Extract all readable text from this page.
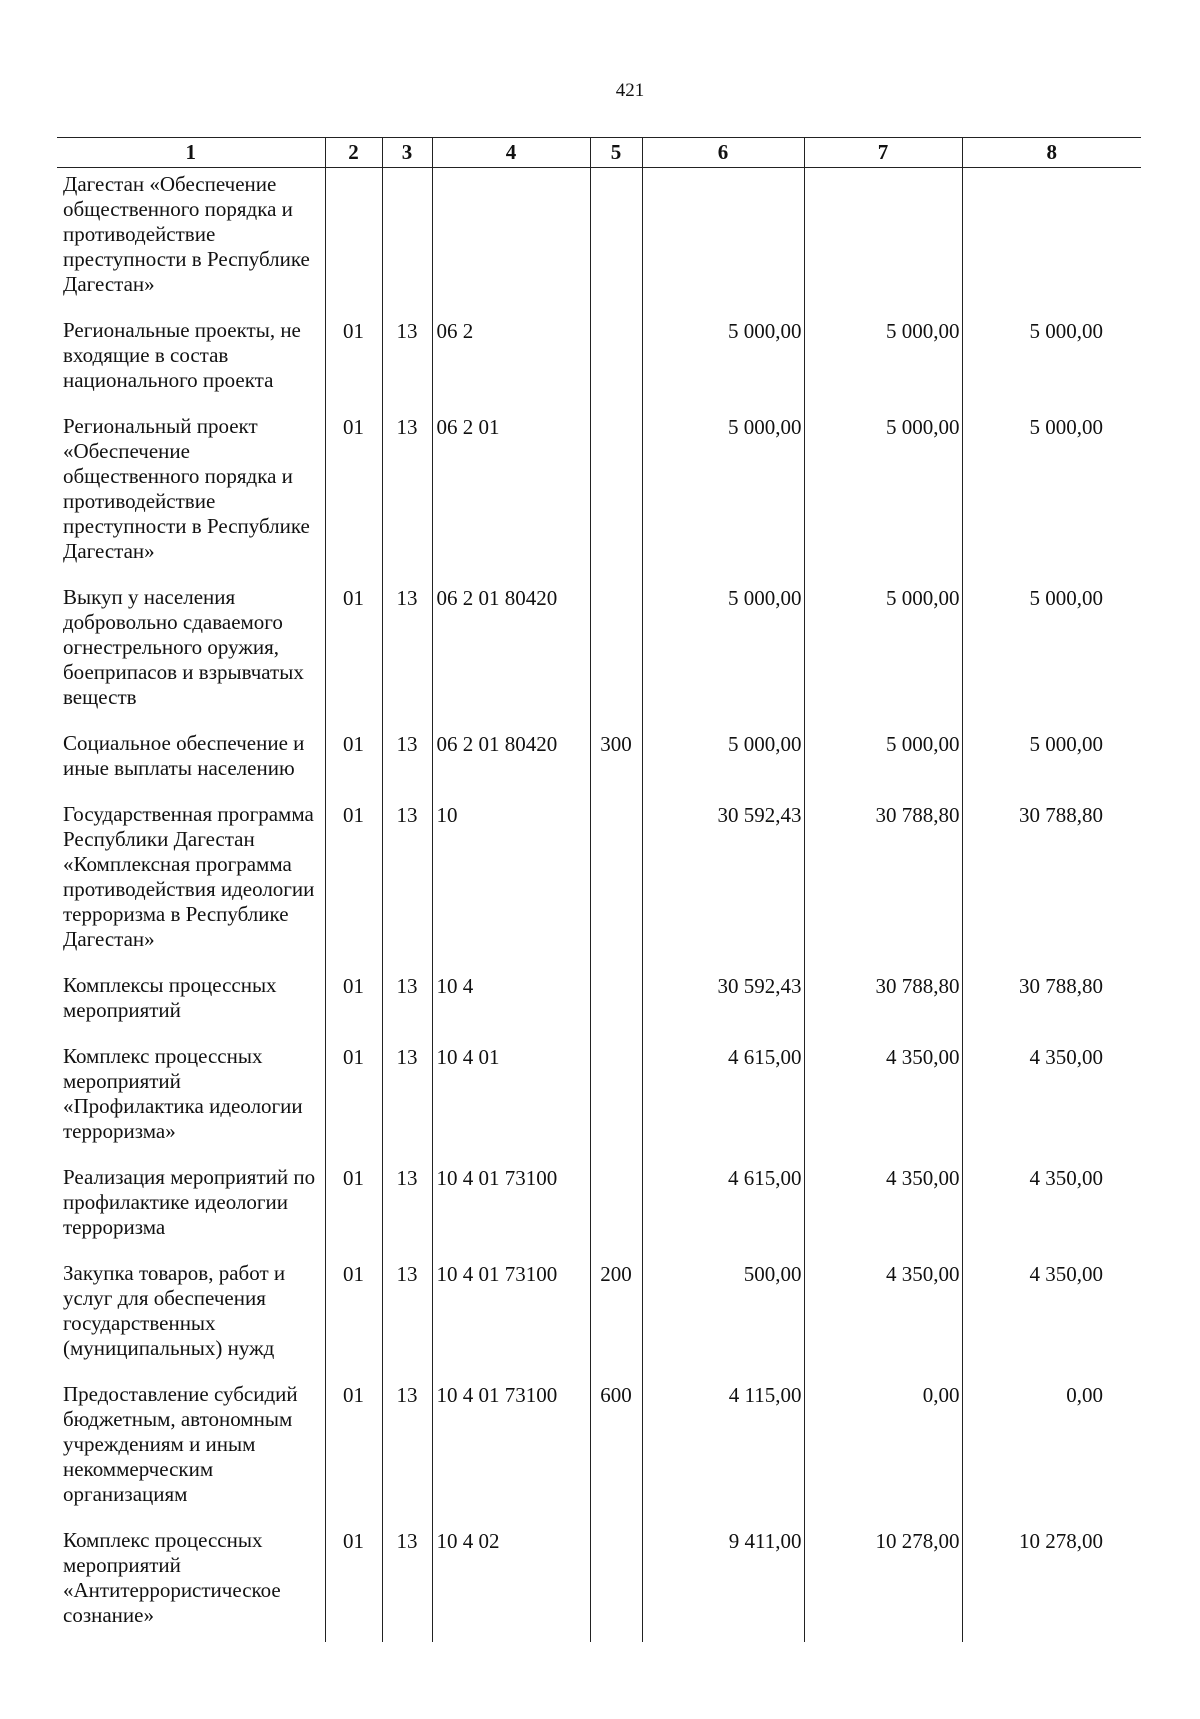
421
1	2	3	4	5	6	7	8
Дагестан «Обеспечение общественного порядка и противодействие преступности в Республике Дагестан»							
Региональные проекты, не входящие в состав национального проекта	01	13	06 2		5 000,00	5 000,00	5 000,00
Региональный проект «Обеспечение общественного порядка и противодействие преступности в Республике Дагестан»	01	13	06 2 01		5 000,00	5 000,00	5 000,00
Выкуп у населения добровольно сдаваемого огнестрельного оружия, боеприпасов и взрывчатых веществ	01	13	06 2 01 80420		5 000,00	5 000,00	5 000,00
Социальное обеспечение и иные выплаты населению	01	13	06 2 01 80420	300	5 000,00	5 000,00	5 000,00
Государственная программа Республики Дагестан «Комплексная программа противодействия идеологии терроризма в Республике Дагестан»	01	13	10		30 592,43	30 788,80	30 788,80
Комплексы процессных мероприятий	01	13	10 4		30 592,43	30 788,80	30 788,80
Комплекс процессных мероприятий «Профилактика идеологии терроризма»	01	13	10 4 01		4 615,00	4 350,00	4 350,00
Реализация мероприятий по профилактике идеологии терроризма	01	13	10 4 01 73100		4 615,00	4 350,00	4 350,00
Закупка товаров, работ и услуг для обеспечения государственных (муниципальных) нужд	01	13	10 4 01 73100	200	500,00	4 350,00	4 350,00
Предоставление субсидий бюджетным, автономным учреждениям и иным некоммерческим организациям	01	13	10 4 01 73100	600	4 115,00	0,00	0,00
Комплекс процессных мероприятий «Антитеррористическое сознание»	01	13	10 4 02		9 411,00	10 278,00	10 278,00
